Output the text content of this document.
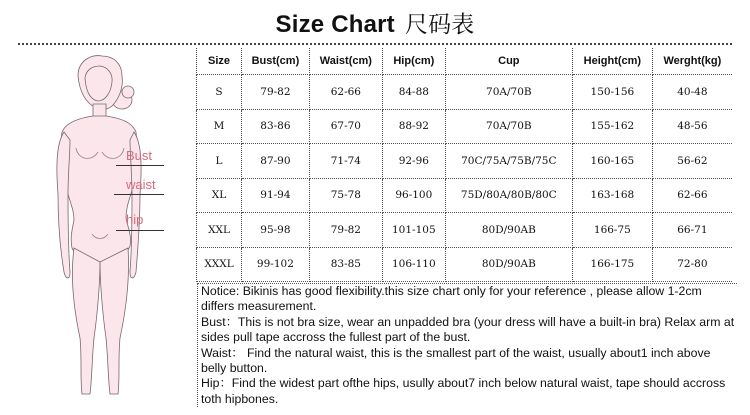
Size Chart 尺码表
Bust
waist
hip
Size	Bust(cm)	Waist(cm)	Hip(cm)	Cup	Height(cm)	Werght(kg)
S	79-82	62-66	84-88	70A/70B	150-156	40-48
M	83-86	67-70	88-92	70A/70B	155-162	48-56
L	87-90	71-74	92-96	70C/75A/75B/75C	160-165	56-62
XL	91-94	75-78	96-100	75D/80A/80B/80C	163-168	62-66
XXL	95-98	79-82	101-105	80D/90AB	166-75	66-71
XXXL	99-102	83-85	106-110	80D/90AB	166-175	72-80

Notice: Bikinis has good flexibility.this size chart only for your reference , please allow 1-2cm differs measurement.

Bust：This is not bra size, wear an unpadded bra (your dress will have a built-in bra) Relax arm at sides pull tape accross the fullest part of the bust.

Waist： Find the natural waist, this is the smallest part of the waist, usually about1 inch above belly button.

Hip：Find the widest part ofthe hips, usully about7 inch below natural waist, tape should accross toth hipbones.
